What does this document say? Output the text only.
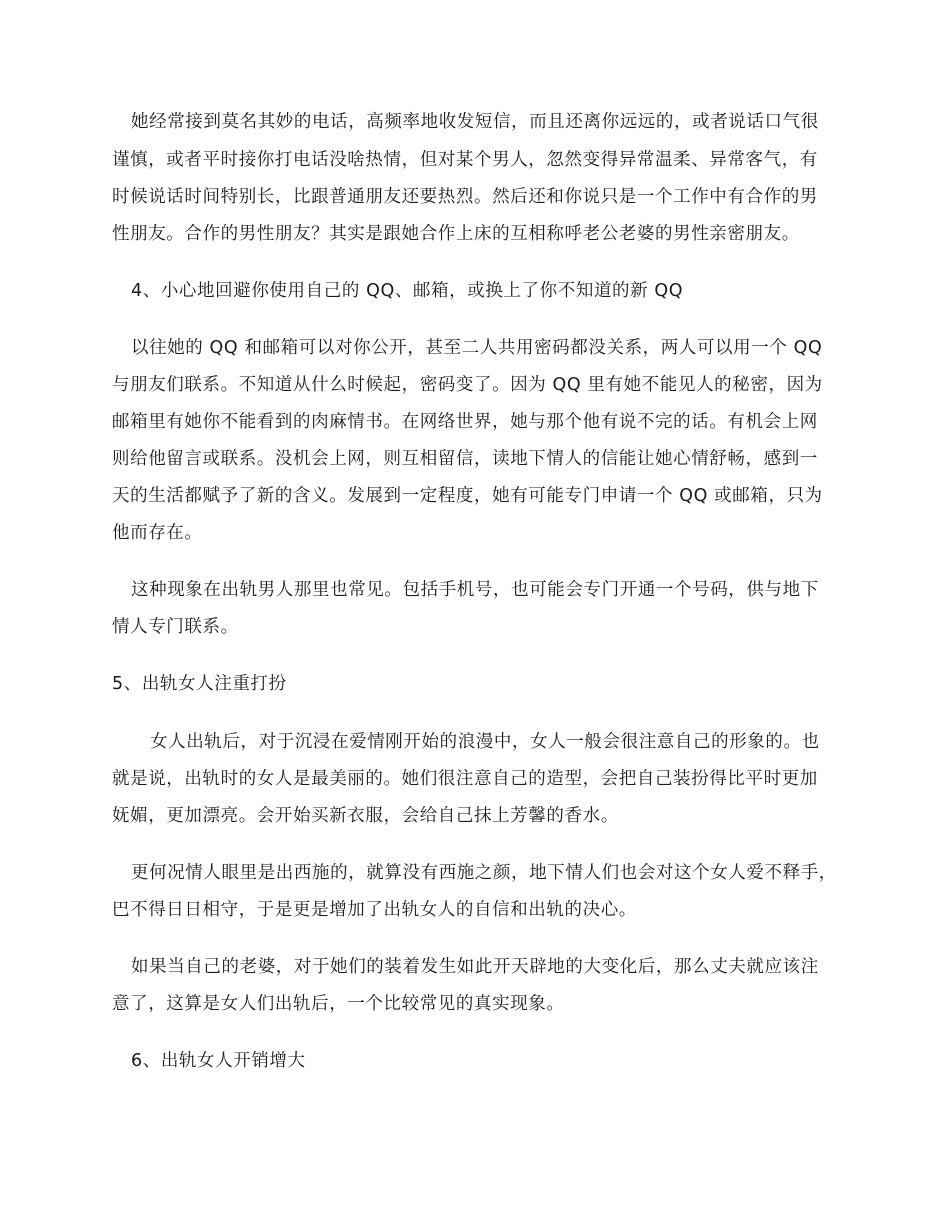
她经常接到莫名其妙的电话，高频率地收发短信，而且还离你远远的，或者说话口气很
谨慎，或者平时接你打电话没啥热情，但对某个男人，忽然变得异常温柔、异常客气，有
时候说话时间特别长，比跟普通朋友还要热烈。然后还和你说只是一个工作中有合作的男
性朋友。合作的男性朋友？其实是跟她合作上床的互相称呼老公老婆的男性亲密朋友。
4、小心地回避你使用自己的 QQ、邮箱，或换上了你不知道的新 QQ
以往她的 QQ 和邮箱可以对你公开，甚至二人共用密码都没关系，两人可以用一个 QQ
与朋友们联系。不知道从什么时候起，密码变了。因为 QQ 里有她不能见人的秘密，因为
邮箱里有她你不能看到的肉麻情书。在网络世界，她与那个他有说不完的话。有机会上网
则给他留言或联系。没机会上网，则互相留信，读地下情人的信能让她心情舒畅，感到一
天的生活都赋予了新的含义。发展到一定程度，她有可能专门申请一个 QQ 或邮箱，只为
他而存在。
这种现象在出轨男人那里也常见。包括手机号，也可能会专门开通一个号码，供与地下
情人专门联系。
5、出轨女人注重打扮
女人出轨后，对于沉浸在爱情刚开始的浪漫中，女人一般会很注意自己的形象的。也
就是说，出轨时的女人是最美丽的。她们很注意自己的造型，会把自己装扮得比平时更加
妩媚，更加漂亮。会开始买新衣服，会给自己抹上芳馨的香水。
更何况情人眼里是出西施的，就算没有西施之颜，地下情人们也会对这个女人爱不释手，
巴不得日日相守，于是更是增加了出轨女人的自信和出轨的决心。
如果当自己的老婆，对于她们的装着发生如此开天辟地的大变化后，那么丈夫就应该注
意了，这算是女人们出轨后，一个比较常见的真实现象。
6、出轨女人开销增大
